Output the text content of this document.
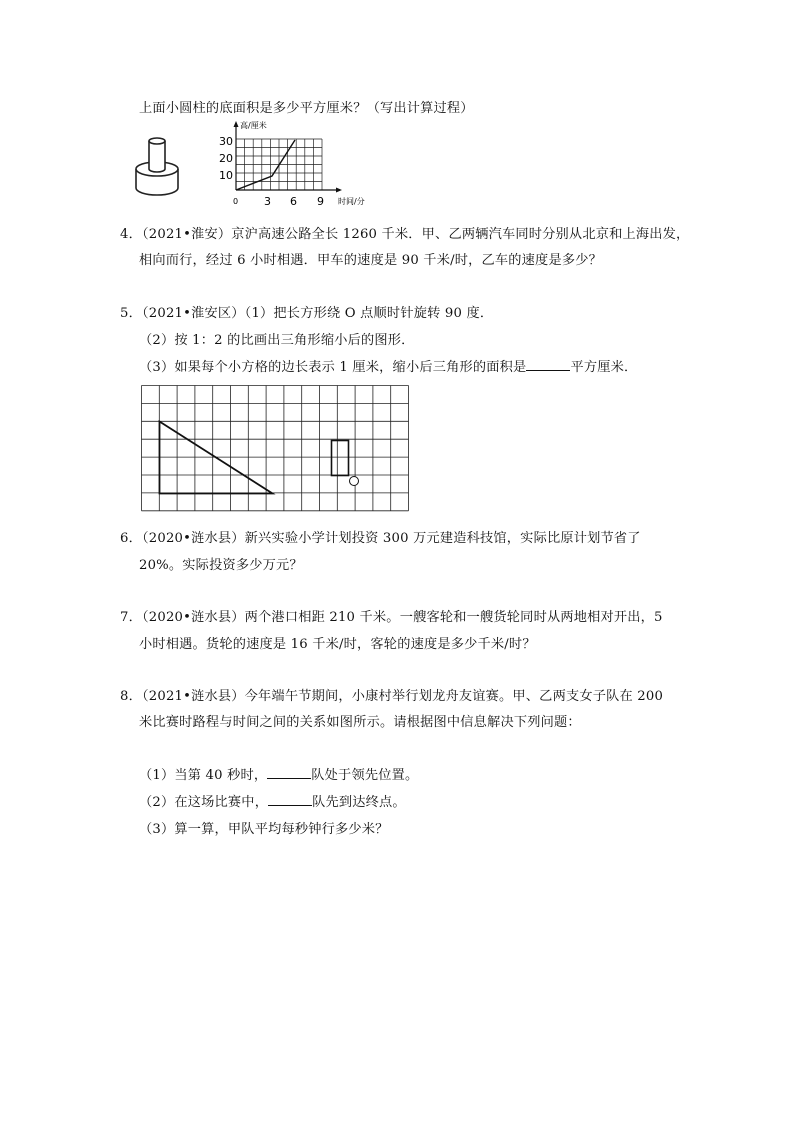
上面小圆柱的底面积是多少平方厘米？（写出计算过程）
高/厘米
时间/分
0
30
20
10
3 6 9
4．（2021•淮安）京沪高速公路全长 1260 千米．甲、乙两辆汽车同时分别从北京和上海出发，
相向而行，经过 6 小时相遇．甲车的速度是 90 千米/时，乙车的速度是多少？
5．（2021•淮安区）（1）把长方形绕 O 点顺时针旋转 90 度．
（2）按 1：2 的比画出三角形缩小后的图形．
（3）如果每个小方格的边长表示 1 厘米，缩小后三角形的面积是	平方厘米．
6．（2020•涟水县）新兴实验小学计划投资 300 万元建造科技馆，实际比原计划节省了
20%。实际投资多少万元？
7．（2020•涟水县）两个港口相距 210 千米。一艘客轮和一艘货轮同时从两地相对开出，5
小时相遇。货轮的速度是 16 千米/时，客轮的速度是多少千米/时？
8．（2021•涟水县）今年端午节期间，小康村举行划龙舟友谊赛。甲、乙两支女子队在 200
米比赛时路程与时间之间的关系如图所示。请根据图中信息解决下列问题：
（1）当第 40 秒时，	队处于领先位置。
（2）在这场比赛中，	队先到达终点。
（3）算一算，甲队平均每秒钟行多少米？
